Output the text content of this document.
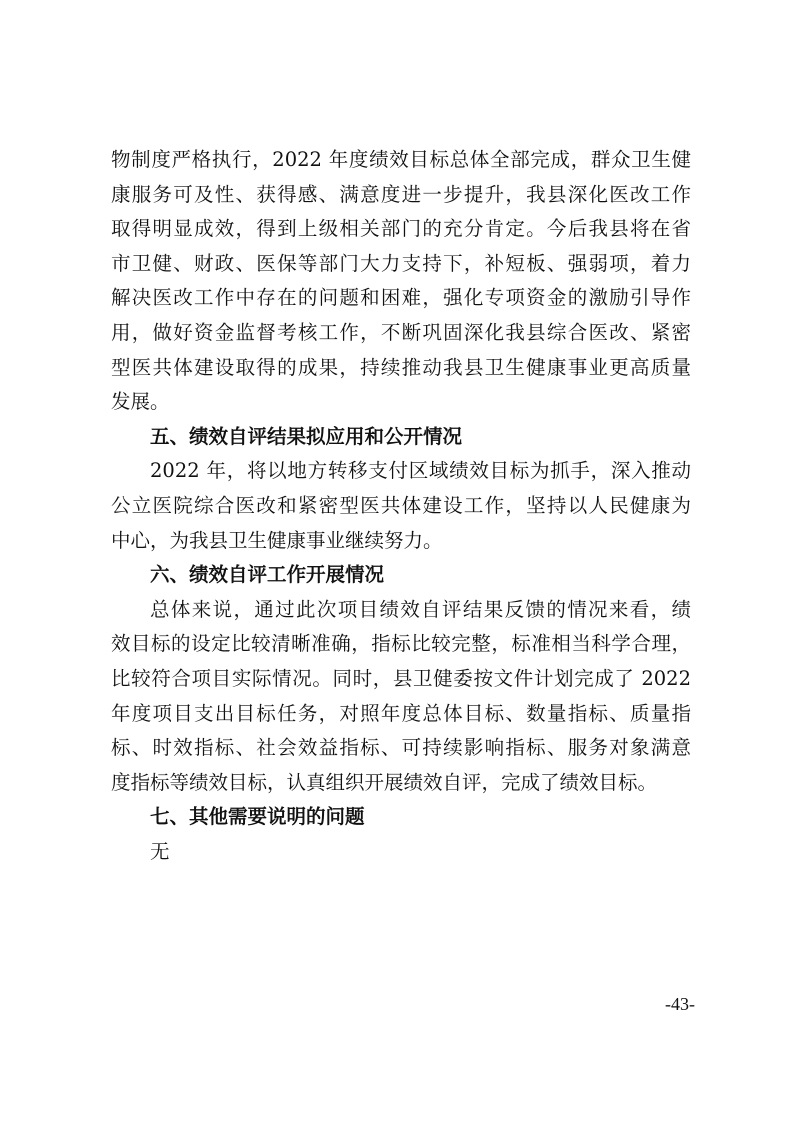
物制度严格执行，2022 年度绩效目标总体全部完成，群众卫生健
康服务可及性、获得感、满意度进一步提升，我县深化医改工作
取得明显成效，得到上级相关部门的充分肯定。今后我县将在省
市卫健、财政、医保等部门大力支持下，补短板、强弱项，着力
解决医改工作中存在的问题和困难，强化专项资金的激励引导作
用，做好资金监督考核工作，不断巩固深化我县综合医改、紧密
型医共体建设取得的成果，持续推动我县卫生健康事业更高质量
发展。
五、绩效自评结果拟应用和公开情况
2022 年，将以地方转移支付区域绩效目标为抓手，深入推动
公立医院综合医改和紧密型医共体建设工作，坚持以人民健康为
中心，为我县卫生健康事业继续努力。
六、绩效自评工作开展情况
总体来说，通过此次项目绩效自评结果反馈的情况来看，绩
效目标的设定比较清晰准确，指标比较完整，标准相当科学合理，
比较符合项目实际情况。同时，县卫健委按文件计划完成了 2022
年度项目支出目标任务，对照年度总体目标、数量指标、质量指
标、时效指标、社会效益指标、可持续影响指标、服务对象满意
度指标等绩效目标，认真组织开展绩效自评，完成了绩效目标。
七、其他需要说明的问题
无
-43-
